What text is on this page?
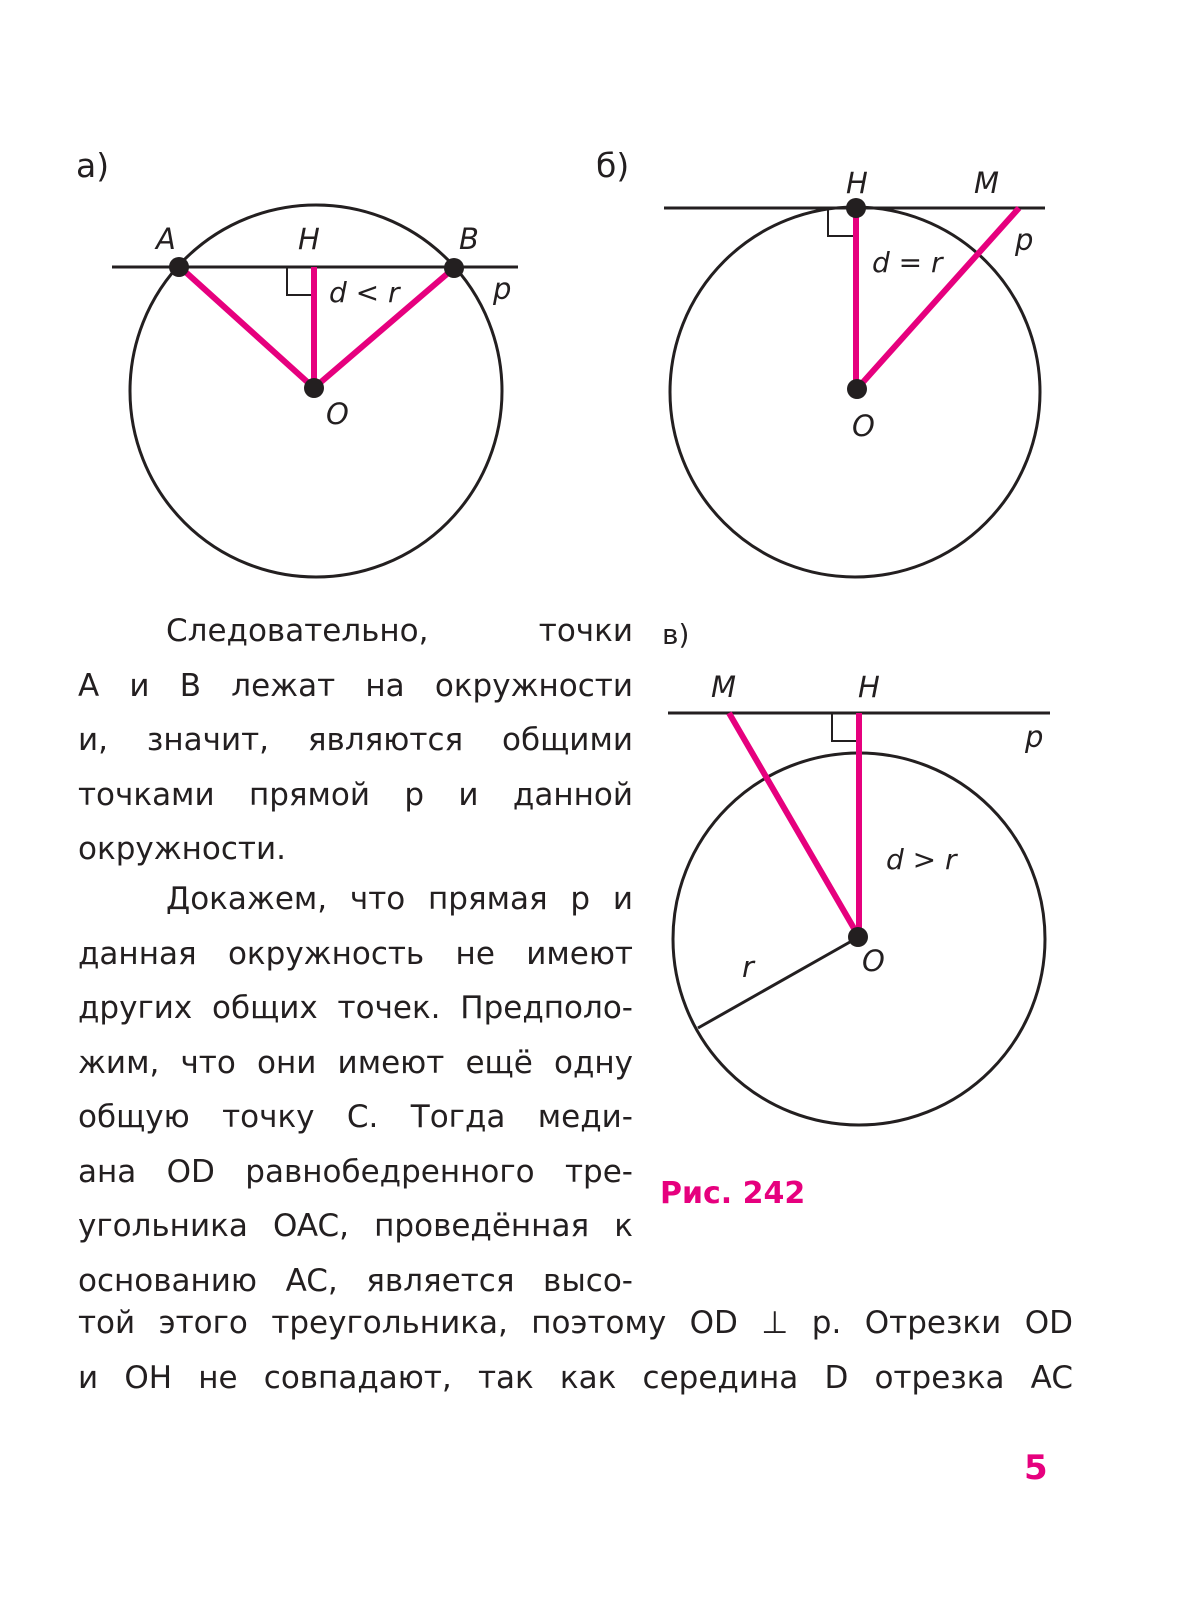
а)	б)
в)
A	H	B
O
p
d < r
H	M
O
p
d = r
M	H
O
p
d > r
r
Рис. 242
Следовательно, точки
A и B лежат на окружности
и, значит, являются общими
точками прямой p и данной
окружности.
Докажем, что прямая p и
данная окружность не имеют
других общих точек. Предполо-
жим, что они имеют ещё одну
общую точку C. Тогда меди-
ана OD равнобедренного тре-
угольника OAC, проведённая к
основанию AC, является высо-
той этого треугольника, поэтому OD ⊥ p. Отрезки OD
и OH не совпадают, так как середина D отрезка AC
5
